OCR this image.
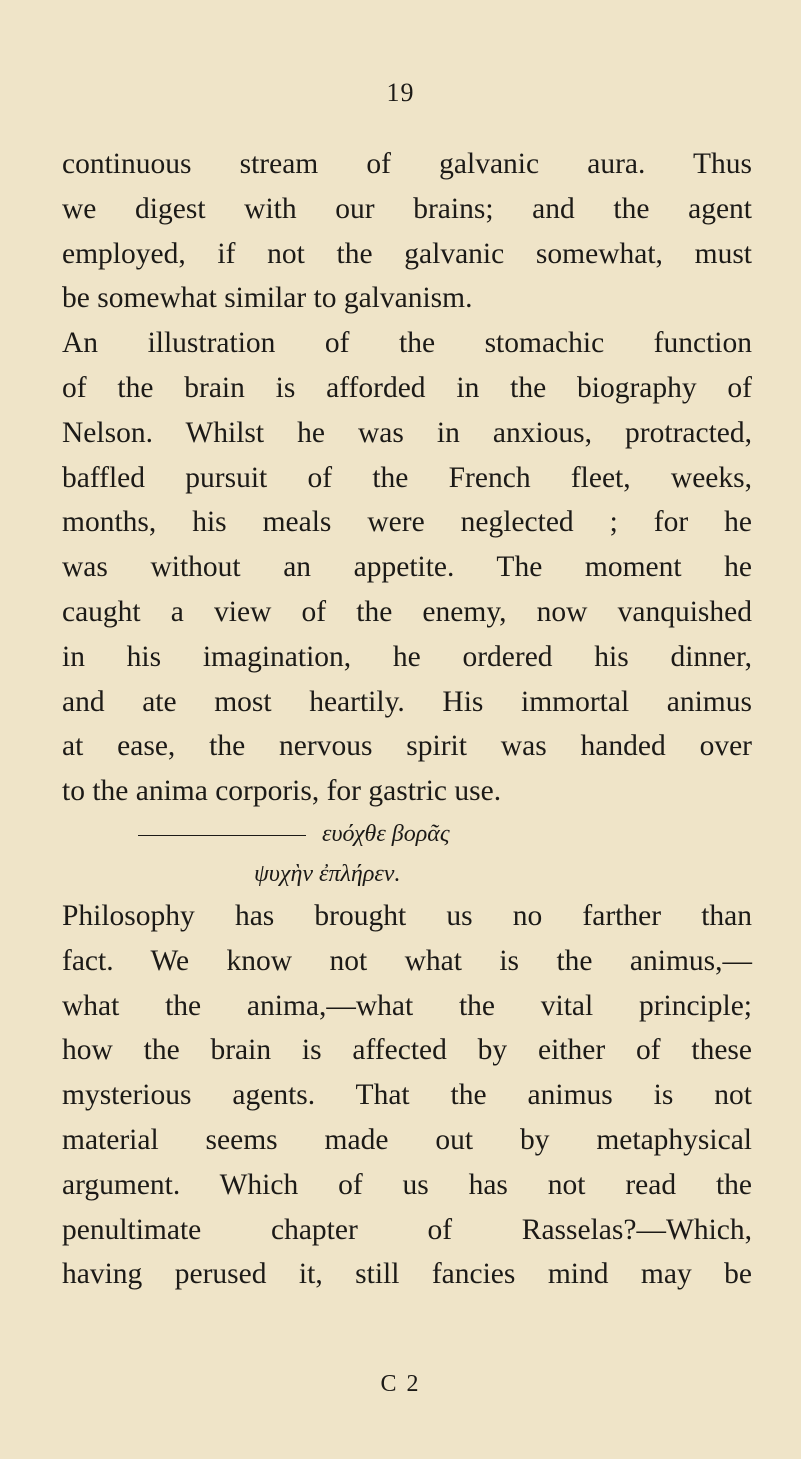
19
continuous stream of galvanic aura. Thus
we digest with our brains; and the agent
employed, if not the galvanic somewhat, must
be somewhat similar to galvanism.
An illustration of the stomachic function
of the brain is afforded in the biography of
Nelson. Whilst he was in anxious, protracted,
baffled pursuit of the French fleet, weeks,
months, his meals were neglected ; for he
was without an appetite. The moment he
caught a view of the enemy, now vanquished
in his imagination, he ordered his dinner,
and ate most heartily. His immortal animus
at ease, the nervous spirit was handed over
to the anima corporis, for gastric use.
ευόχθε βορᾶς
ψυχὴν ἐπλήρεν.
Philosophy has brought us no farther than
fact. We know not what is the animus,—
what the anima,—what the vital principle;
how the brain is affected by either of these
mysterious agents. That the animus is not
material seems made out by metaphysical
argument. Which of us has not read the
penultimate chapter of Rasselas?—Which,
having perused it, still fancies mind may be
C 2
